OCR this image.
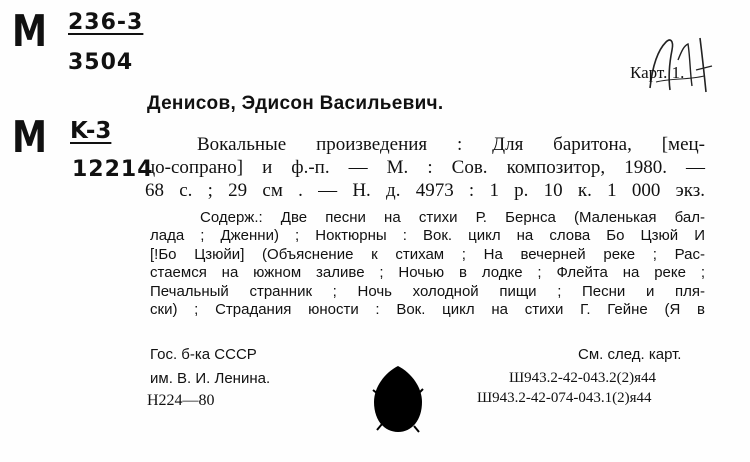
M 236-3
3504
M K-3
12214
Карт. 1.
Денисов, Эдисон Васильевич.
Вокальные произведения : Для баритона, [мец-
цо-сопрано] и ф.-п. — М. : Сов. композитор, 1980. —
68 с. ; 29 см . — Н. д. 4973 : 1 р. 10 к. 1 000 экз.
Содерж.: Две песни на стихи Р. Бернса (Маленькая бал-
лада ; Дженни) ; Ноктюрны : Вок. цикл на слова Бо Цзюй И
[!Бо Цзюйи] (Объяснение к стихам ; На вечерней реке ; Рас-
стаемся на южном заливе ; Ночью в лодке ; Флейта на реке ;
Печальный странник ; Ночь холодной пищи ; Песни и пля-
ски) ; Страдания юности : Вок. цикл на стихи Г. Гейне (Я в
Гос. б-ка СССР
им. В. И. Ленина.
Н224—80
См. след. карт.
Ш943.2-42-043.2(2)я44
Ш943.2-42-074-043.1(2)я44
